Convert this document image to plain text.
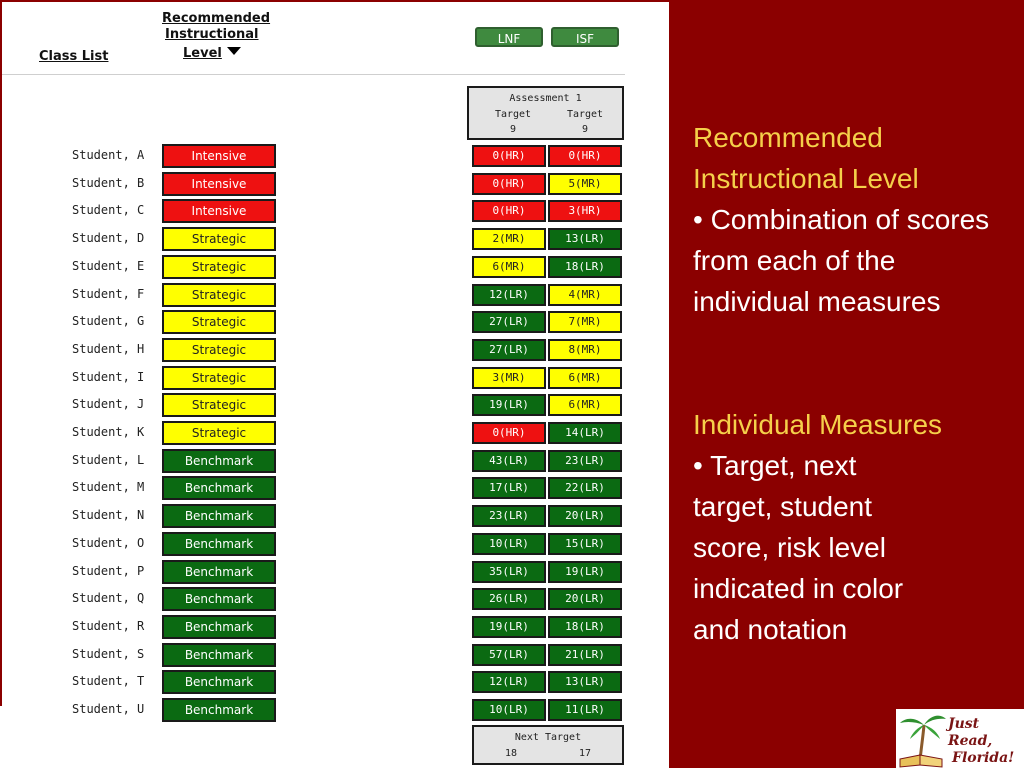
Class List
Recommended
Instructional
Level
LNF	ISF
Assessment 1
Target	Target
9	9
Student, A	Intensive	0(HR)	0(HR)
Student, B	Intensive	0(HR)	5(MR)
Student, C	Intensive	0(HR)	3(HR)
Student, D	Strategic	2(MR)	13(LR)
Student, E	Strategic	6(MR)	18(LR)
Student, F	Strategic	12(LR)	4(MR)
Student, G	Strategic	27(LR)	7(MR)
Student, H	Strategic	27(LR)	8(MR)
Student, I	Strategic	3(MR)	6(MR)
Student, J	Strategic	19(LR)	6(MR)
Student, K	Strategic	0(HR)	14(LR)
Student, L	Benchmark	43(LR)	23(LR)
Student, M	Benchmark	17(LR)	22(LR)
Student, N	Benchmark	23(LR)	20(LR)
Student, O	Benchmark	10(LR)	15(LR)
Student, P	Benchmark	35(LR)	19(LR)
Student, Q	Benchmark	26(LR)	20(LR)
Student, R	Benchmark	19(LR)	18(LR)
Student, S	Benchmark	57(LR)	21(LR)
Student, T	Benchmark	12(LR)	13(LR)
Student, U	Benchmark	10(LR)	11(LR)
Next Target
18	17
Recommended
Instructional Level
• Combination of scores from each of the individual measures
Individual Measures
• Target, next target, student score, risk level indicated in color and notation
Just Read,
Florida!
